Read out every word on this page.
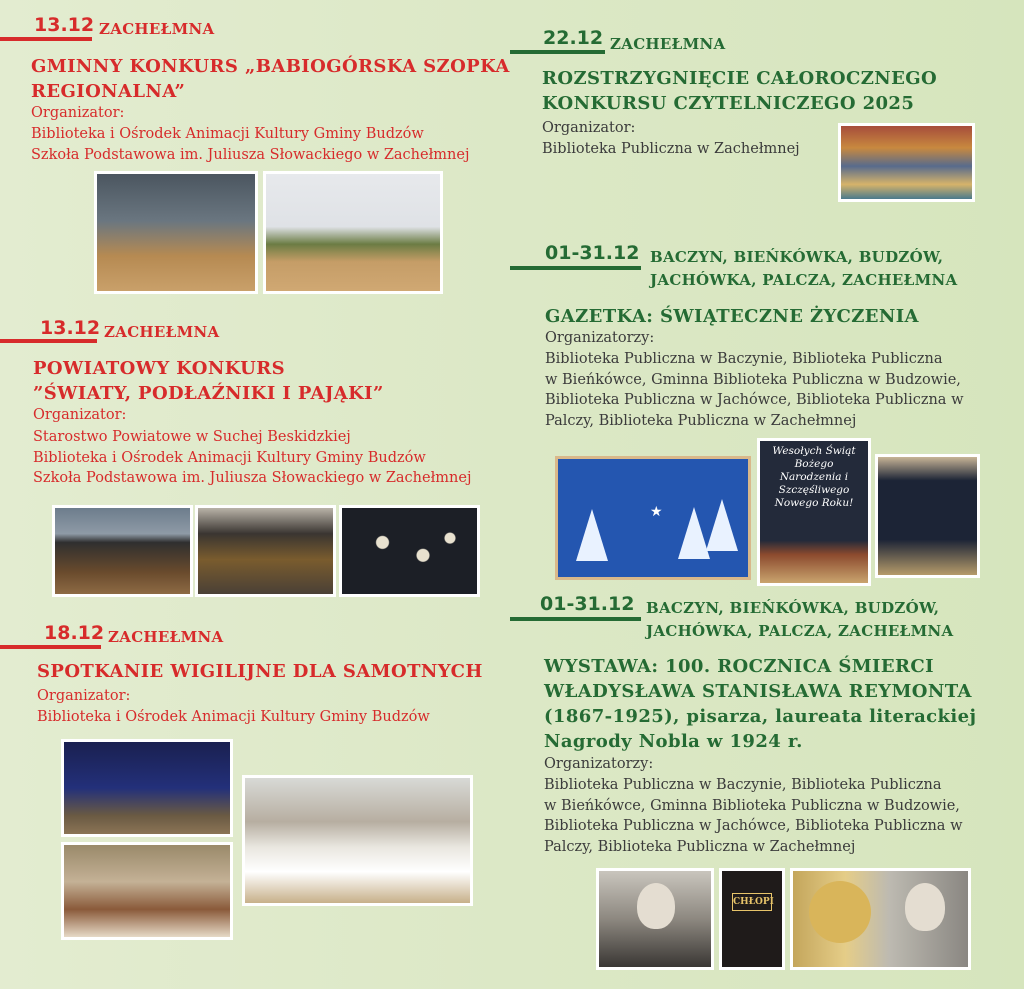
13.12 ZACHEŁMNA
GMINNY KONKURS „BABIOGÓRSKA SZOPKA
REGIONALNA”
Organizator:
Biblioteka i Ośrodek Animacji Kultury Gminy Budzów
Szkoła Podstawowa im. Juliusza Słowackiego w Zachełmnej
13.12 ZACHEŁMNA
POWIATOWY KONKURS
”ŚWIATY, PODŁAŹNIKI I PAJĄKI”
Organizator:
Starostwo Powiatowe w Suchej Beskidzkiej
Biblioteka i Ośrodek Animacji Kultury Gminy Budzów
Szkoła Podstawowa im. Juliusza Słowackiego w Zachełmnej
18.12 ZACHEŁMNA
SPOTKANIE WIGILIJNE DLA SAMOTNYCH
Organizator:
Biblioteka i Ośrodek Animacji Kultury Gminy Budzów
22.12 ZACHEŁMNA
ROZSTRZYGNIĘCIE CAŁOROCZNEGO
KONKURSU CZYTELNICZEGO 2025
Organizator:
Biblioteka Publiczna w Zachełmnej
01-31.12 BACZYN, BIEŃKÓWKA, BUDZÓW,
JACHÓWKA, PALCZA, ZACHEŁMNA
GAZETKA: ŚWIĄTECZNE ŻYCZENIA
Organizatorzy:
Biblioteka Publiczna w Baczynie, Biblioteka Publiczna
w Bieńkówce, Gminna Biblioteka Publiczna w Budzowie,
Biblioteka Publiczna w Jachówce, Biblioteka Publiczna w
Palczy, Biblioteka Publiczna w Zachełmnej
★
Wesołych Świąt Bożego Narodzenia i Szczęśliwego Nowego Roku!
01-31.12 BACZYN, BIEŃKÓWKA, BUDZÓW,
JACHÓWKA, PALCZA, ZACHEŁMNA
WYSTAWA: 100. ROCZNICA ŚMIERCI
WŁADYSŁAWA STANISŁAWA REYMONTA
(1867-1925), pisarza, laureata literackiej
Nagrody Nobla w 1924 r.
Organizatorzy:
Biblioteka Publiczna w Baczynie, Biblioteka Publiczna
w Bieńkówce, Gminna Biblioteka Publiczna w Budzowie,
Biblioteka Publiczna w Jachówce, Biblioteka Publiczna w
Palczy, Biblioteka Publiczna w Zachełmnej
CHŁOPI
